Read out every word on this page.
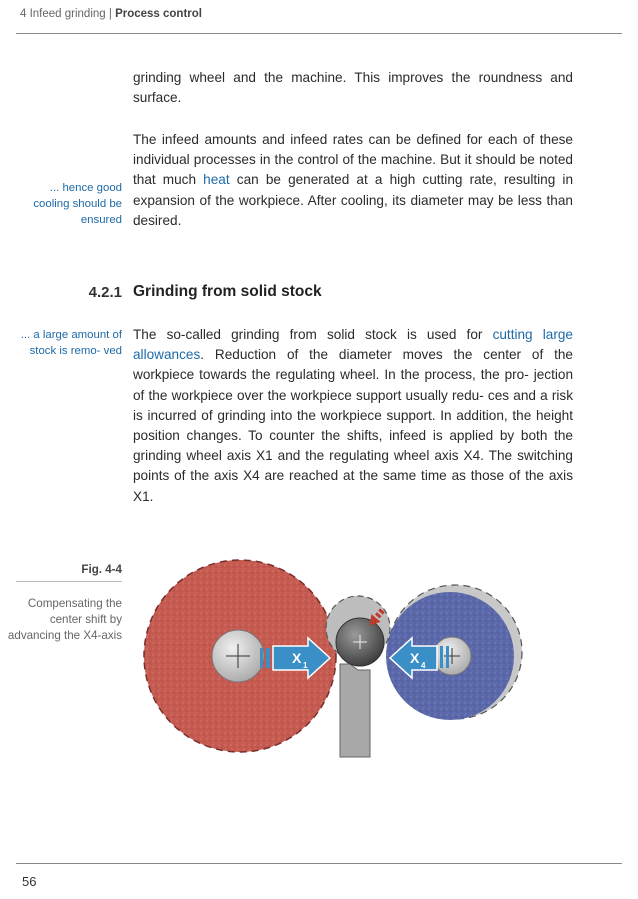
4 Infeed grinding | Process control

grinding wheel and the machine. This improves the roundness and surface.

The infeed amounts and infeed rates can be defined for each of these individual processes in the control of the machine. But it should be noted that much heat can be generated at a high cutting rate, resulting in expansion of the workpiece. After cooling, its diameter may be less than desired.

... hence good cooling should be ensured

4.2.1 Grinding from solid stock

... a large amount of stock is remo- ved

The so-called grinding from solid stock is used for cutting large allowances. Reduction of the diameter moves the center of the workpiece towards the regulating wheel. In the process, the pro- jection of the workpiece over the workpiece support usually redu- ces and a risk is incurred of grinding into the workpiece support. In addition, the height position changes. To counter the shifts, infeed is applied by both the grinding wheel axis X1 and the regulating wheel axis X4. The switching points of the axis X4 are reached at the same time as those of the axis X1.

Fig. 4-4

Compensating the center shift by advancing the X4-axis

X 1	X 4
56
